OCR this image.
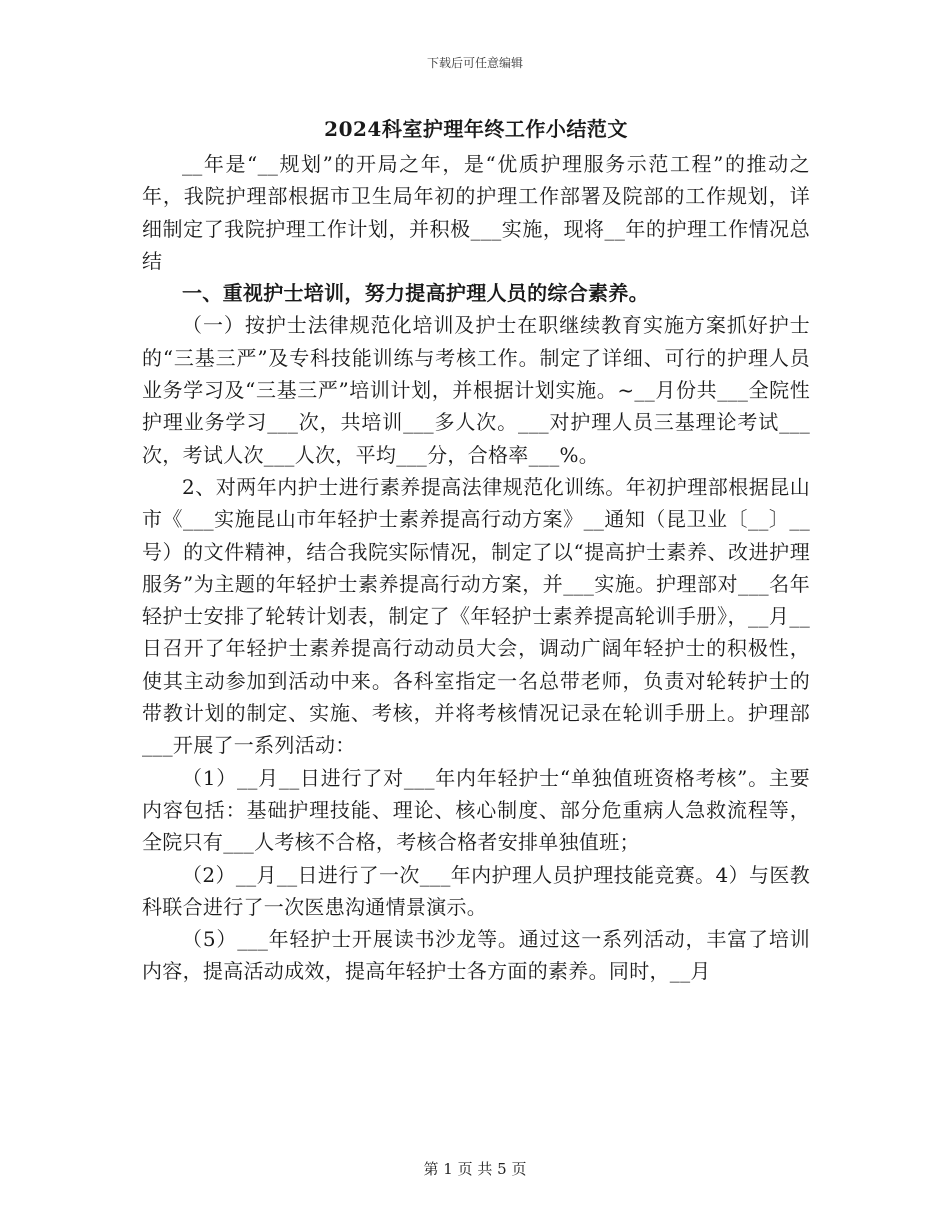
下载后可任意编辑
2024科室护理年终工作小结范文

__年是“__规划”的开局之年，是“优质护理服务示范工程”的推动之年，我院护理部根据市卫生局年初的护理工作部署及院部的工作规划，详细制定了我院护理工作计划，并积极___实施，现将__年的护理工作情况总结

一、重视护士培训，努力提高护理人员的综合素养。

（一）按护士法律规范化培训及护士在职继续教育实施方案抓好护士的“三基三严”及专科技能训练与考核工作。制定了详细、可行的护理人员业务学习及“三基三严”培训计划，并根据计划实施。~__月份共___全院性护理业务学习___次，共培训___多人次。___对护理人员三基理论考试___次，考试人次___人次，平均___分，合格率___%。

2、对两年内护士进行素养提高法律规范化训练。年初护理部根据昆山市《___实施昆山市年轻护士素养提高行动方案》__通知（昆卫业〔__〕__号）的文件精神，结合我院实际情况，制定了以“提高护士素养、改进护理服务”为主题的年轻护士素养提高行动方案，并___实施。护理部对___名年轻护士安排了轮转计划表，制定了《年轻护士素养提高轮训手册》，__月__日召开了年轻护士素养提高行动动员大会，调动广阔年轻护士的积极性，使其主动参加到活动中来。各科室指定一名总带老师，负责对轮转护士的带教计划的制定、实施、考核，并将考核情况记录在轮训手册上。护理部___开展了一系列活动：

（1）__月__日进行了对___年内年轻护士“单独值班资格考核”。主要内容包括：基础护理技能、理论、核心制度、部分危重病人急救流程等，全院只有___人考核不合格，考核合格者安排单独值班；

（2）__月__日进行了一次___年内护理人员护理技能竞赛。4）与医教科联合进行了一次医患沟通情景演示。

（5）___年轻护士开展读书沙龙等。通过这一系列活动，丰富了培训内容，提高活动成效，提高年轻护士各方面的素养。同时，__月

第 1 页 共 5 页
